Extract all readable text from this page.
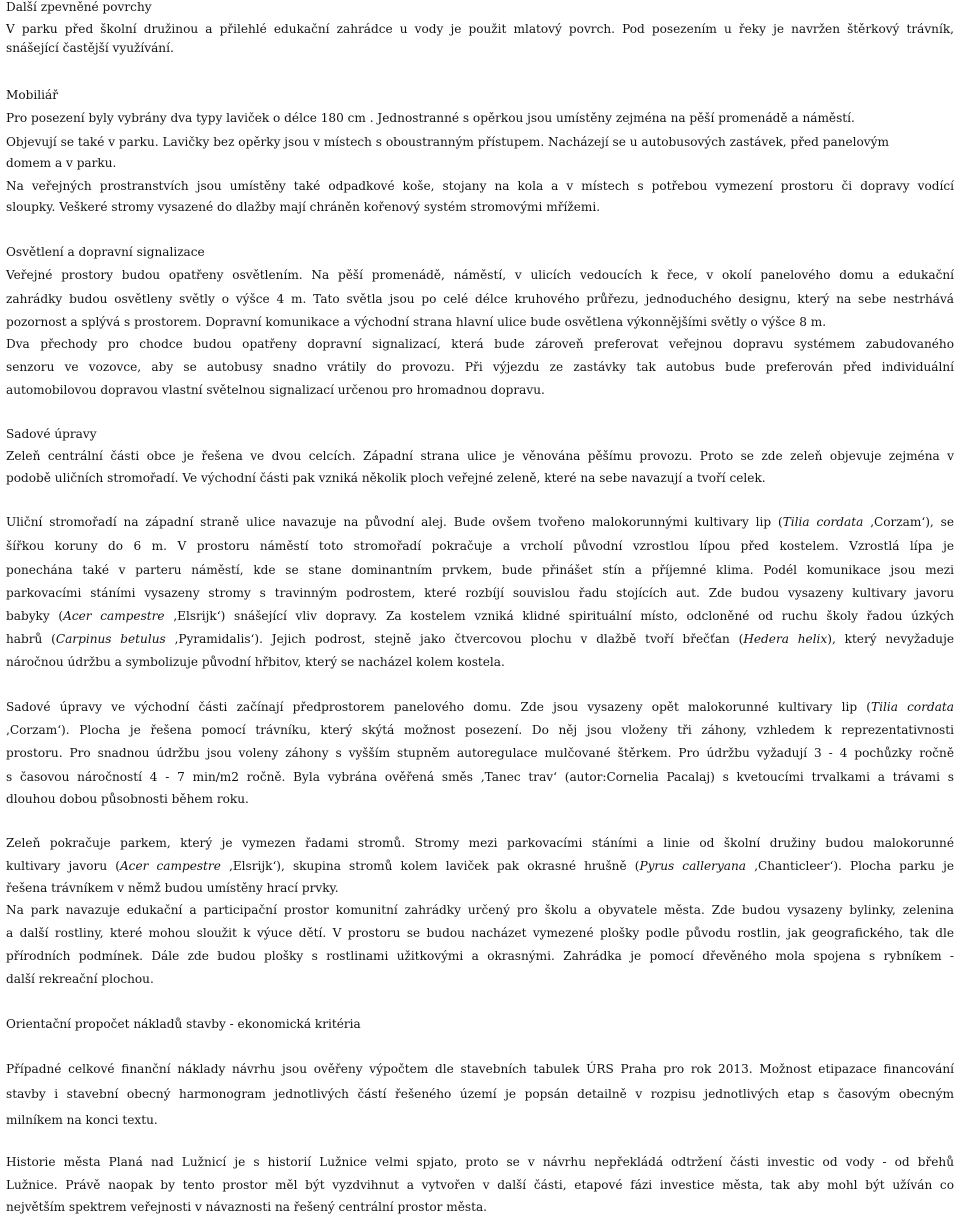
Další zpevněné povrchy
V parku před školní družinou a přilehlé edukační zahrádce u vody je použit mlatový povrch. Pod posezením u řeky je navržen štěrkový trávník,
snášející častější využívání.
Mobiliář
Pro posezení byly vybrány dva typy laviček o délce 180 cm . Jednostranné s opěrkou jsou umístěny zejména na pěší promenádě a náměstí.
Objevují se také v parku. Lavičky bez opěrky jsou v místech s oboustranným přístupem. Nacházejí se u autobusových zastávek, před panelovým
domem a v parku.
Na veřejných prostranstvích jsou umístěny také odpadkové koše, stojany na kola a v místech s potřebou vymezení prostoru či dopravy vodící
sloupky. Veškeré stromy vysazené do dlažby mají chráněn kořenový systém stromovými mřížemi.
Osvětlení a dopravní signalizace
Veřejné prostory budou opatřeny osvětlením. Na pěší promenádě, náměstí, v ulicích vedoucích k řece, v okolí panelového domu a edukační
zahrádky budou osvětleny světly o výšce 4 m. Tato světla jsou po celé délce kruhového průřezu, jednoduchého designu, který na sebe nestrhává
pozornost a splývá s prostorem. Dopravní komunikace a východní strana hlavní ulice bude osvětlena výkonnějšími světly o výšce 8 m.
Dva přechody pro chodce budou opatřeny dopravní signalizací, která bude zároveň preferovat veřejnou dopravu systémem zabudovaného
senzoru ve vozovce, aby se autobusy snadno vrátily do provozu. Při výjezdu ze zastávky tak autobus bude preferován před individuální
automobilovou dopravou vlastní světelnou signalizací určenou pro hromadnou dopravu.
Sadové úpravy
Zeleň centrální části obce je řešena ve dvou celcích. Západní strana ulice je věnována pěšímu provozu. Proto se zde zeleň objevuje zejména v
podobě uličních stromořadí. Ve východní části pak vzniká několik ploch veřejné zeleně, které na sebe navazují a tvoří celek.
Uliční stromořadí na západní straně ulice navazuje na původní alej. Bude ovšem tvořeno malokorunnými kultivary lip (Tilia cordata ‚Corzam‘), se
šířkou koruny do 6 m. V prostoru náměstí toto stromořadí pokračuje a vrcholí původní vzrostlou lípou před kostelem. Vzrostlá lípa je
ponechána také v parteru náměstí, kde se stane dominantním prvkem, bude přinášet stín a příjemné klima. Podél komunikace jsou mezi
parkovacími stáními vysazeny stromy s travinným podrostem, které rozbíjí souvislou řadu stojících aut. Zde budou vysazeny kultivary javoru
babyky (Acer campestre ‚Elsrijk‘) snášející vliv dopravy. Za kostelem vzniká klidné spirituální místo, odcloněné od ruchu školy řadou úzkých
habrů (Carpinus betulus ‚Pyramidalis‘). Jejich podrost, stejně jako čtvercovou plochu v dlažbě tvoří břečťan (Hedera helix), který nevyžaduje
náročnou údržbu a symbolizuje původní hřbitov, který se nacházel kolem kostela.
Sadové úpravy ve východní části začínají předprostorem panelového domu. Zde jsou vysazeny opět malokorunné kultivary lip (Tilia cordata
‚Corzam‘). Plocha je řešena pomocí trávníku, který skýtá možnost posezení. Do něj jsou vloženy tři záhony, vzhledem k reprezentativnosti
prostoru. Pro snadnou údržbu jsou voleny záhony s vyšším stupněm autoregulace mulčované štěrkem. Pro údržbu vyžadují 3 - 4 pochůzky ročně
s časovou náročností 4 - 7 min/m2 ročně. Byla vybrána ověřená směs ‚Tanec trav‘ (autor:Cornelia Pacalaj) s kvetoucími trvalkami a trávami s
dlouhou dobou působnosti během roku.
Zeleň pokračuje parkem, který je vymezen řadami stromů. Stromy mezi parkovacími stáními a linie od školní družiny budou malokorunné
kultivary javoru (Acer campestre ‚Elsrijk‘), skupina stromů kolem laviček pak okrasné hrušně (Pyrus calleryana ‚Chanticleer‘). Plocha parku je
řešena trávníkem v němž budou umístěny hrací prvky.
Na park navazuje edukační a participační prostor komunitní zahrádky určený pro školu a obyvatele města. Zde budou vysazeny bylinky, zelenina
a další rostliny, které mohou sloužit k výuce dětí. V prostoru se budou nacházet vymezené plošky podle původu rostlin, jak geografického, tak dle
přírodních podmínek. Dále zde budou plošky s rostlinami užitkovými a okrasnými. Zahrádka je pomocí dřevěného mola spojena s rybníkem -
další rekreační plochou.
Orientační propočet nákladů stavby - ekonomická kritéria
Případné celkové finanční náklady návrhu jsou ověřeny výpočtem dle stavebních tabulek ÚRS Praha pro rok 2013. Možnost etipazace financování
stavby i stavební obecný harmonogram jednotlivých částí řešeného území je popsán detailně v rozpisu jednotlivých etap s časovým obecným
milníkem na konci textu.
Historie města Planá nad Lužnicí je s historií Lužnice velmi spjato, proto se v návrhu nepřekládá odtržení části investic od vody - od břehů
Lužnice. Právě naopak by tento prostor měl být vyzdvihnut a vytvořen v další části, etapové fázi investice města, tak aby mohl být užíván co
největším spektrem veřejnosti v návaznosti na řešený centrální prostor města.
